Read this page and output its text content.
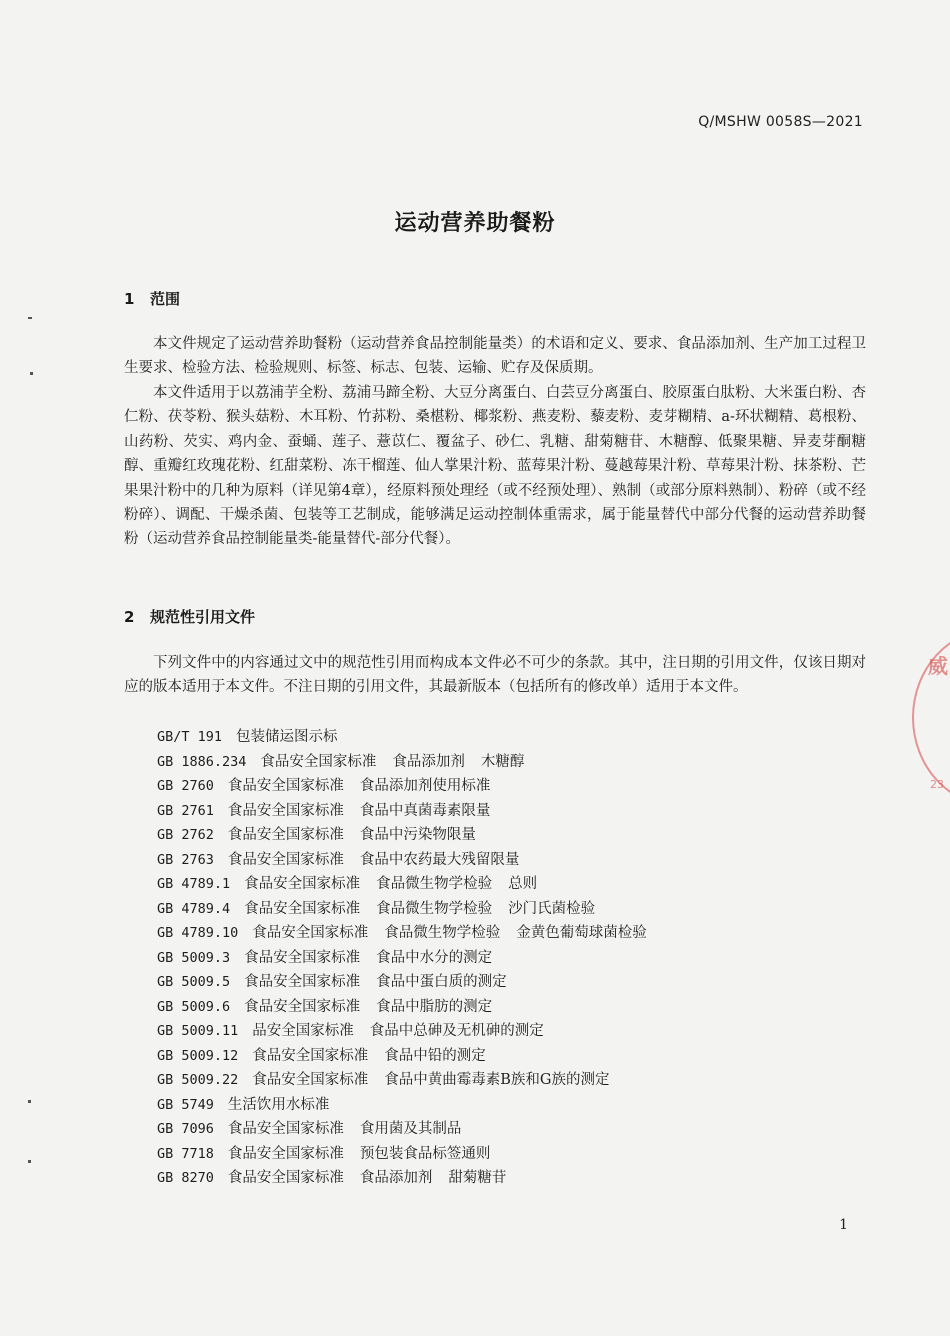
Q/MSHW 0058S—2021
运动营养助餐粉
1 范围

本文件规定了运动营养助餐粉（运动营养食品控制能量类）的术语和定义、要求、食品添加剂、生产加工过程卫生要求、检验方法、检验规则、标签、标志、包装、运输、贮存及保质期。

本文件适用于以荔浦芋全粉、荔浦马蹄全粉、大豆分离蛋白、白芸豆分离蛋白、胶原蛋白肽粉、大米蛋白粉、杏仁粉、茯苓粉、猴头菇粉、木耳粉、竹荪粉、桑椹粉、椰浆粉、燕麦粉、藜麦粉、麦芽糊精、a-环状糊精、葛根粉、山药粉、芡实、鸡内金、蚕蛹、莲子、薏苡仁、覆盆子、砂仁、乳糖、甜菊糖苷、木糖醇、低聚果糖、异麦芽酮糖醇、重瓣红玫瑰花粉、红甜菜粉、冻干榴莲、仙人掌果汁粉、蓝莓果汁粉、蔓越莓果汁粉、草莓果汁粉、抹茶粉、芒果果汁粉中的几种为原料（详见第4章），经原料预处理经（或不经预处理）、熟制（或部分原料熟制）、粉碎（或不经粉碎）、调配、干燥杀菌、包装等工艺制成，能够满足运动控制体重需求，属于能量替代中部分代餐的运动营养助餐粉（运动营养食品控制能量类-能量替代-部分代餐）。

2 规范性引用文件

下列文件中的内容通过文中的规范性引用而构成本文件必不可少的条款。其中，注日期的引用文件，仅该日期对应的版本适用于本文件。不注日期的引用文件，其最新版本（包括所有的修改单）适用于本文件。

GB/T 191 包装储运图示标
GB 1886.234 食品安全国家标准 食品添加剂 木糖醇
GB 2760 食品安全国家标准 食品添加剂使用标准
GB 2761 食品安全国家标准 食品中真菌毒素限量
GB 2762 食品安全国家标准 食品中污染物限量
GB 2763 食品安全国家标准 食品中农药最大残留限量
GB 4789.1 食品安全国家标准 食品微生物学检验 总则
GB 4789.4 食品安全国家标准 食品微生物学检验 沙门氏菌检验
GB 4789.10 食品安全国家标准 食品微生物学检验 金黄色葡萄球菌检验
GB 5009.3 食品安全国家标准 食品中水分的测定
GB 5009.5 食品安全国家标准 食品中蛋白质的测定
GB 5009.6 食品安全国家标准 食品中脂肪的测定
GB 5009.11 品安全国家标准 食品中总砷及无机砷的测定
GB 5009.12 食品安全国家标准 食品中铅的测定
GB 5009.22 食品安全国家标准 食品中黄曲霉毒素B族和G族的测定
GB 5749 生活饮用水标准
GB 7096 食品安全国家标准 食用菌及其制品
GB 7718 食品安全国家标准 预包装食品标签通则
GB 8270 食品安全国家标准 食品添加剂 甜菊糖苷
1
威
23
